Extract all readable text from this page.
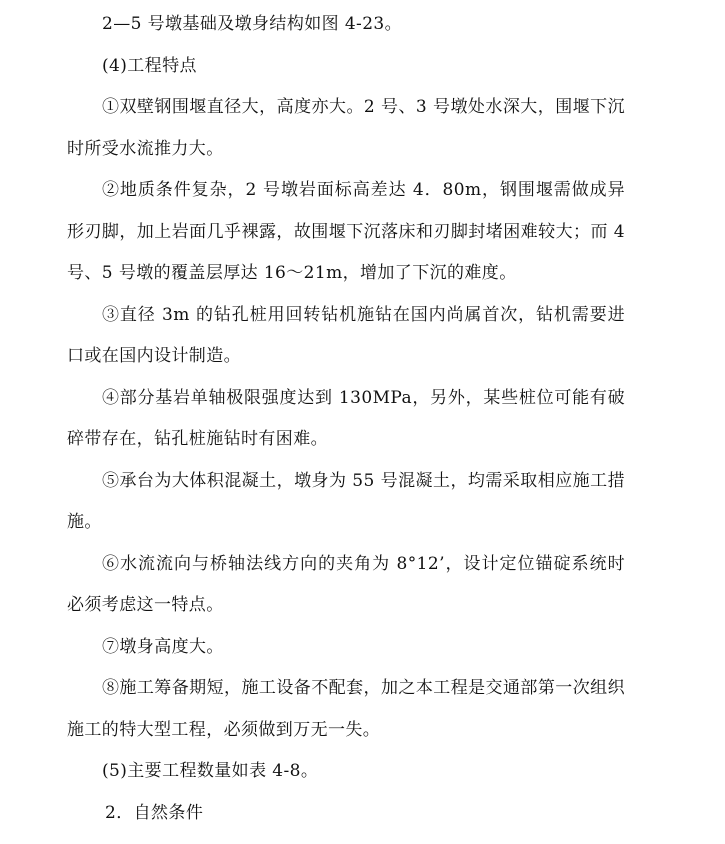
2—5 号墩基础及墩身结构如图 4-23。

(4)工程特点

①双壁钢围堰直径大，高度亦大。2 号、3 号墩处水深大，围堰下沉时所受水流推力大。

②地质条件复杂，2 号墩岩面标高差达 4．80m，钢围堰需做成异形刃脚，加上岩面几乎裸露，故围堰下沉落床和刃脚封堵困难较大；而 4 号、5 号墩的覆盖层厚达 16～21m，增加了下沉的难度。

③直径 3m 的钻孔桩用回转钻机施钻在国内尚属首次，钻机需要进口或在国内设计制造。

④部分基岩单轴极限强度达到 130MPa，另外，某些桩位可能有破碎带存在，钻孔桩施钻时有困难。

⑤承台为大体积混凝土，墩身为 55 号混凝土，均需采取相应施工措施。

⑥水流流向与桥轴法线方向的夹角为 8°12’，设计定位锚碇系统时必须考虑这一特点。

⑦墩身高度大。

⑧施工筹备期短，施工设备不配套，加之本工程是交通部第一次组织施工的特大型工程，必须做到万无一失。

(5)主要工程数量如表 4-8。

2．自然条件
